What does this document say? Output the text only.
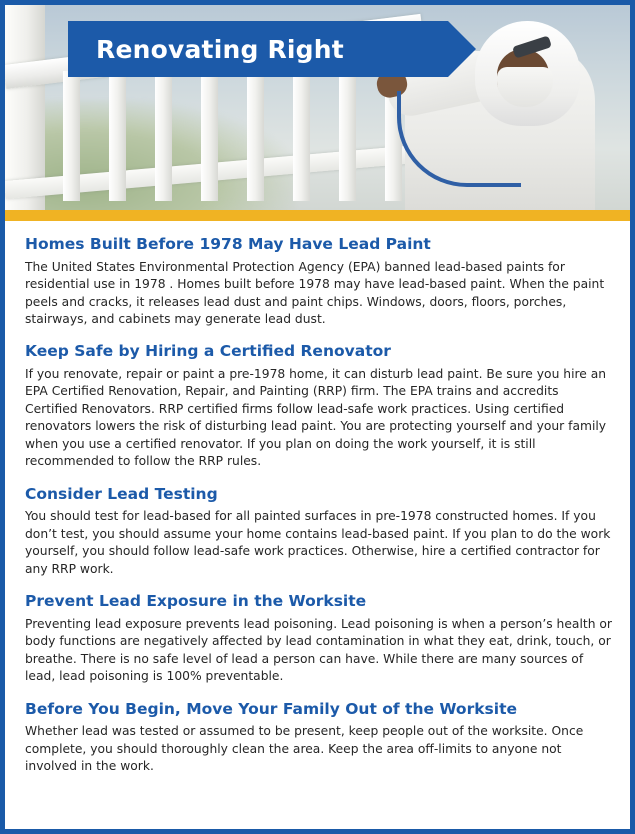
Renovating Right
Homes Built Before 1978 May Have Lead Paint

The United States Environmental Protection Agency (EPA) banned lead-based paints for residential use in 1978 . Homes built before 1978 may have lead-based paint. When the paint peels and cracks, it releases lead dust and paint chips. Windows, doors, floors, porches, stairways, and cabinets may generate lead dust.

Keep Safe by Hiring a Certified Renovator

If you renovate, repair or paint a pre-1978 home, it can disturb lead paint. Be sure you hire an EPA Certified Renovation, Repair, and Painting (RRP) firm. The EPA trains and accredits Certified Renovators. RRP certified firms follow lead-safe work practices. Using certified renovators lowers the risk of disturbing lead paint. You are protecting yourself and your family when you use a certified renovator. If you plan on doing the work yourself, it is still recommended to follow the RRP rules.

Consider Lead Testing

You should test for lead-based for all painted surfaces in pre-1978 constructed homes. If you don’t test, you should assume your home contains lead-based paint. If you plan to do the work yourself, you should follow lead-safe work practices. Otherwise, hire a certified contractor for any RRP work.

Prevent Lead Exposure in the Worksite

Preventing lead exposure prevents lead poisoning. Lead poisoning is when a person’s health or body functions are negatively affected by lead contamination in what they eat, drink, touch, or breathe. There is no safe level of lead a person can have. While there are many sources of lead, lead poisoning is 100% preventable.

Before You Begin, Move Your Family Out of the Worksite

Whether lead was tested or assumed to be present, keep people out of the worksite. Once complete, you should thoroughly clean the area. Keep the area off-limits to anyone not involved in the work.
